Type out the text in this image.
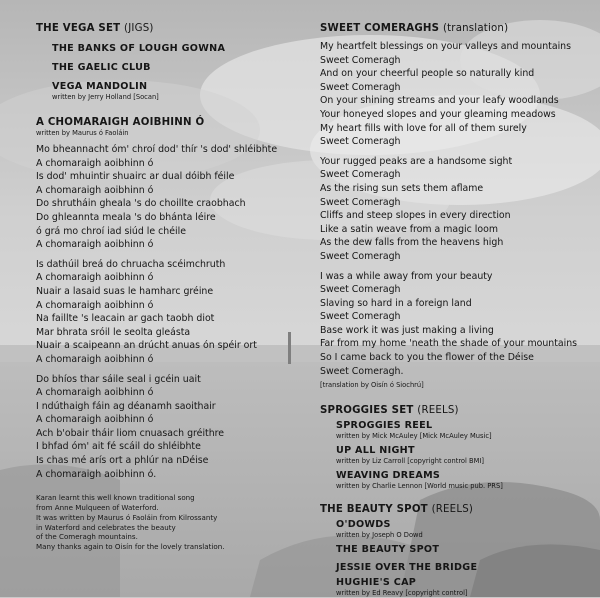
THE VEGA SET (JIGS)
THE BANKS OF LOUGH GOWNA
THE GAELIC CLUB
VEGA MANDOLIN
written by Jerry Holland [Socan]
A CHOMARAIGH AOIBHINN Ó
written by Maurus ó Faoláin
Mo bheannacht óm' chroí dod' thír 's dod' shléibhte
A chomaraigh aoibhinn ó
Is dod' mhuintir shuairc ar dual dóibh féile
A chomaraigh aoibhinn ó
Do shrutháin gheala 's do choillte craobhach
Do ghleannta meala 's do bhánta léire
ó grá mo chroí iad siúd le chéile
A chomaraigh aoibhinn ó
Is dathúil breá do chruacha scéimchruth
A chomaraigh aoibhinn ó
Nuair a lasaid suas le hamharc gréine
A chomaraigh aoibhinn ó
Na faillte 's leacain ar gach taobh diot
Mar bhrata sróil le seolta gleásta
Nuair a scaipeann an drúcht anuas ón spéir ort
A chomaraigh aoibhinn ó
Do bhíos thar sáile seal i gcéin uait
A chomaraigh aoibhinn ó
I ndúthaigh fáin ag déanamh saoithair
A chomaraigh aoibhinn ó
Ach b'obair tháir liom cnuasach gréithre
I bhfad óm' ait fé scáil do shléibhte
Is chas mé arís ort a phlúr na nDéise
A chomaraigh aoibhinn ó.
Karan learnt this well known traditional song
from Anne Mulqueen of Waterford.
It was written by Maurus ó Faoláin from Kilrossanty
in Waterford and celebrates the beauty
of the Comeragh mountains.
Many thanks again to Oisín for the lovely translation.
SWEET COMERAGHS (translation)
My heartfelt blessings on your valleys and mountains
Sweet Comeragh
And on your cheerful people so naturally kind
Sweet Comeragh
On your shining streams and your leafy woodlands
Your honeyed slopes and your gleaming meadows
My heart fills with love for all of them surely
Sweet Comeragh
Your rugged peaks are a handsome sight
Sweet Comeragh
As the rising sun sets them aflame
Sweet Comeragh
Cliffs and steep slopes in every direction
Like a satin weave from a magic loom
As the dew falls from the heavens high
Sweet Comeragh
I was a while away from your beauty
Sweet Comeragh
Slaving so hard in a foreign land
Sweet Comeragh
Base work it was just making a living
Far from my home 'neath the shade of your mountains
So I came back to you the flower of the Déise
Sweet Comeragh.
[translation by Oisín ó Siochrú]
SPROGGIES SET (REELS)
SPROGGIES REEL
written by Mick McAuley [Mick McAuley Music]
UP ALL NIGHT
written by Liz Carroll [copyright control BMI]
WEAVING DREAMS
written by Charlie Lennon [World music pub. PRS]
THE BEAUTY SPOT (REELS)
O'DOWDS
written by Joseph O Dowd
THE BEAUTY SPOT
JESSIE OVER THE BRIDGE
HUGHIE'S CAP
written by Ed Reavy [copyright control]
